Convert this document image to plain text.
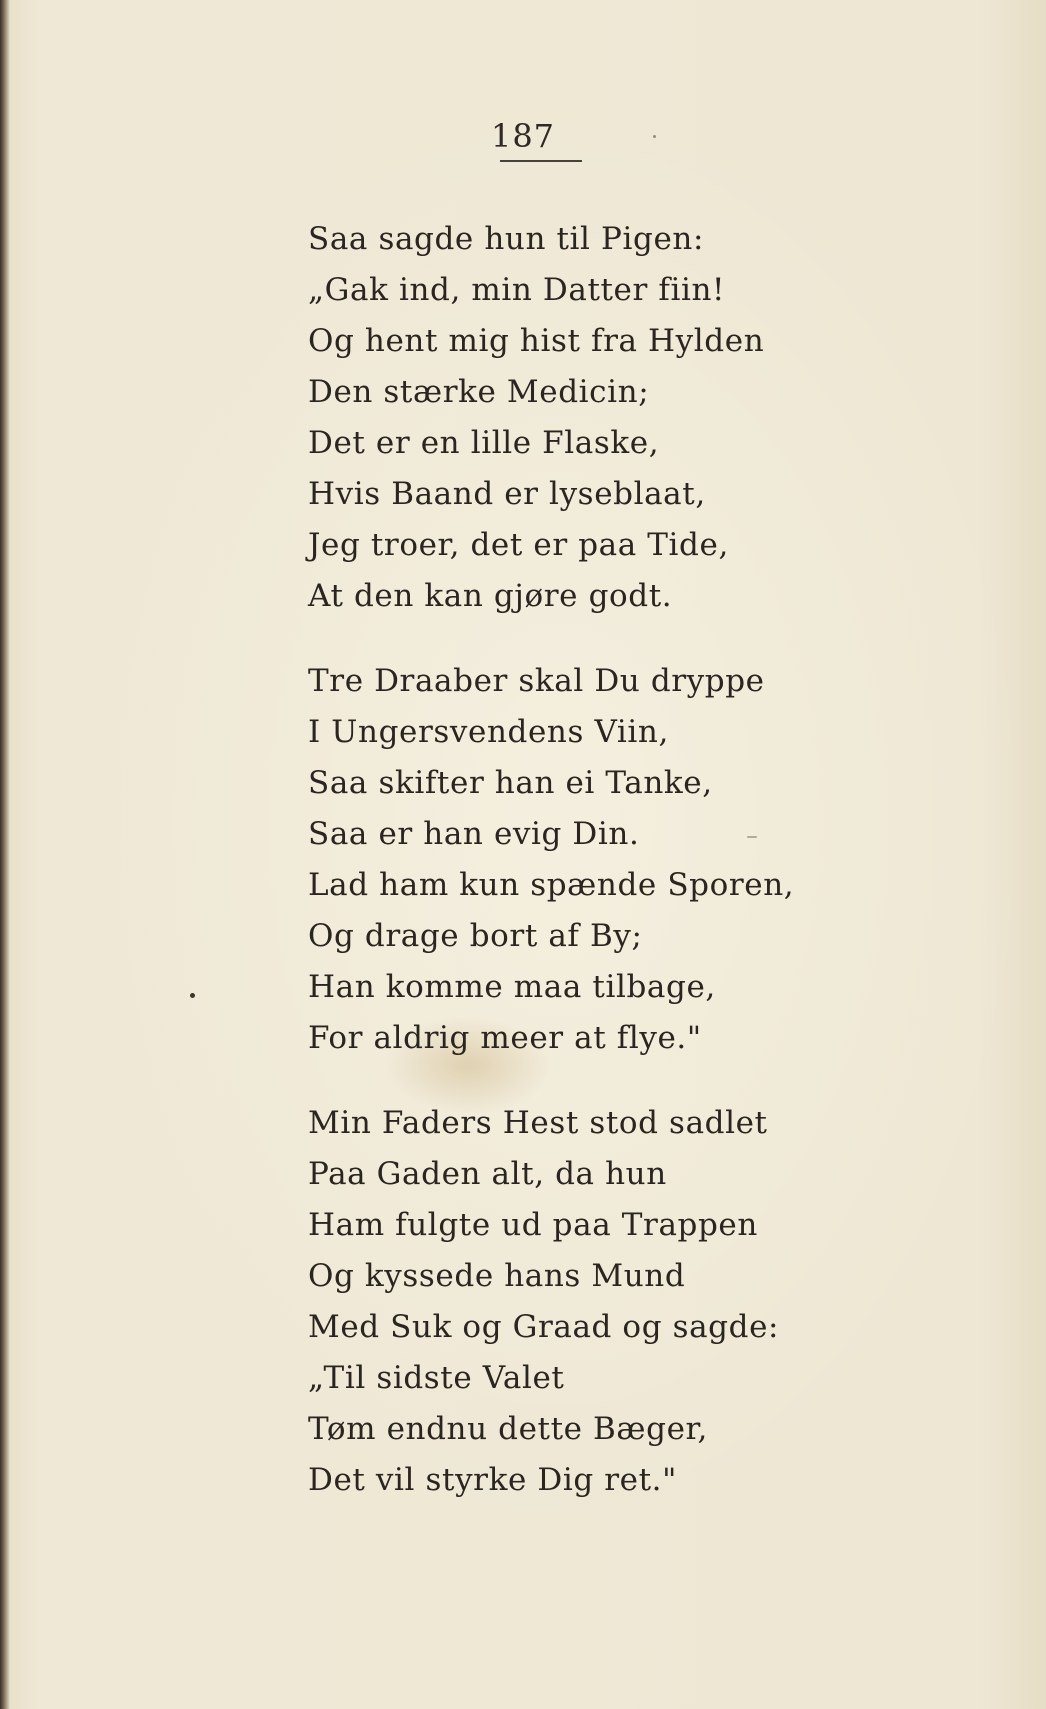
187
Saa sagde hun til Pigen:
„Gak ind, min Datter fiin!
Og hent mig hist fra Hylden
Den stærke Medicin;
Det er en lille Flaske,
Hvis Baand er lyseblaat,
Jeg troer, det er paa Tide,
At den kan gjøre godt.
Tre Draaber skal Du dryppe
I Ungersvendens Viin,
Saa skifter han ei Tanke,
Saa er han evig Din.
Lad ham kun spænde Sporen,
Og drage bort af By;
Han komme maa tilbage,
For aldrig meer at flye."
Min Faders Hest stod sadlet
Paa Gaden alt, da hun
Ham fulgte ud paa Trappen
Og kyssede hans Mund
Med Suk og Graad og sagde:
„Til sidste Valet
Tøm endnu dette Bæger,
Det vil styrke Dig ret."
